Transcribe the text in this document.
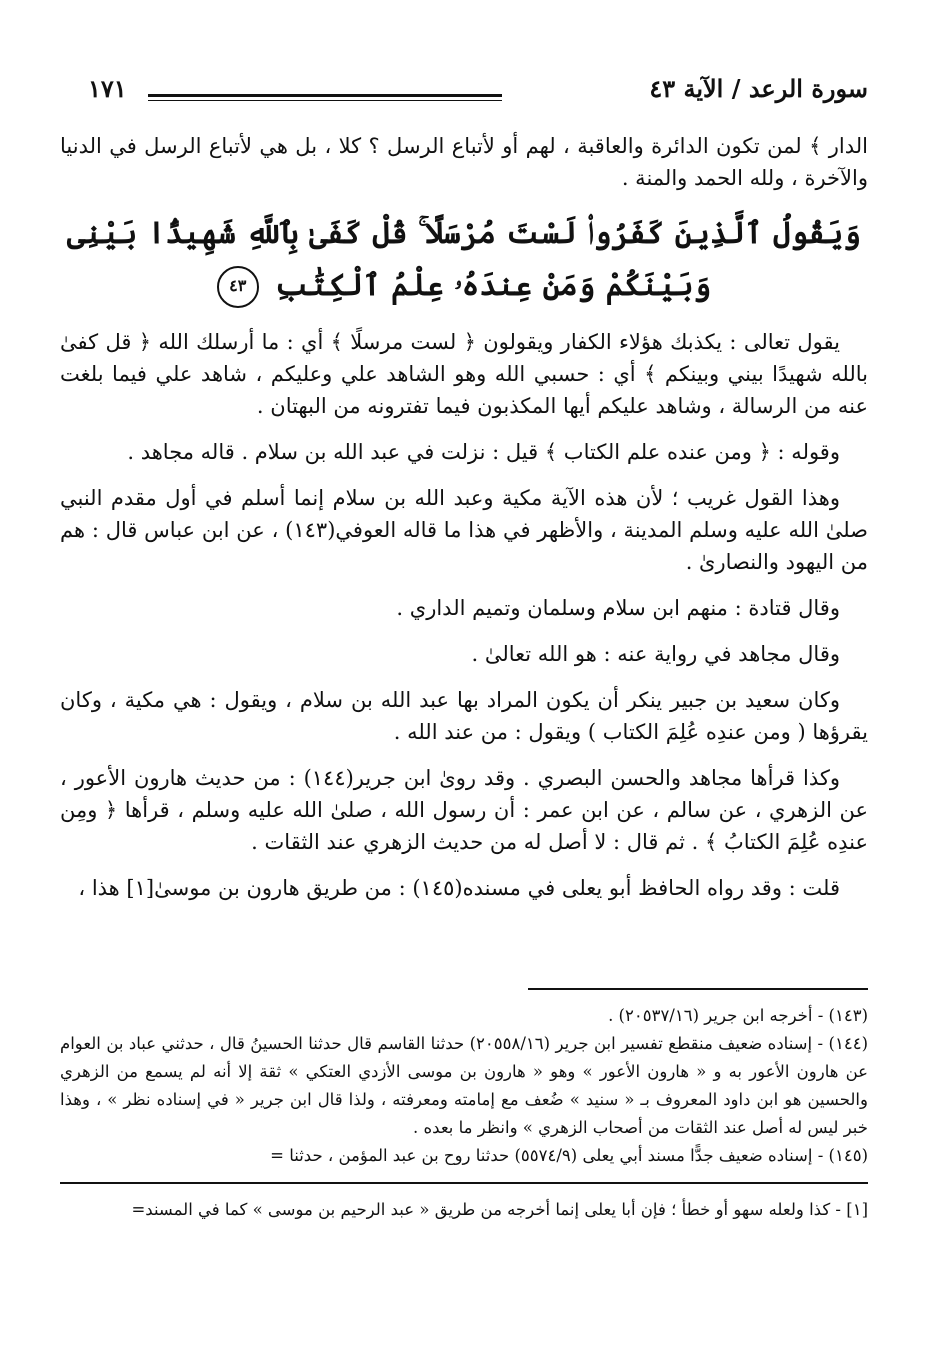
سورة الرعد / الآية ٤٣
١٧١

الدار ﴾ لمن تكون الدائرة والعاقبة ، لهم أو لأتباع الرسل ؟ كلا ، بل هي لأتباع الرسل في الدنيا والآخرة ، ولله الحمد والمنة .

وَيَقُولُ ٱلَّذِينَ كَفَرُوا۟ لَسْتَ مُرْسَلًا ۚ قُلْ كَفَىٰ بِٱللَّهِ شَهِيدًۢا بَيْنِى وَبَيْنَكُمْ وَمَنْ عِندَهُۥ عِلْمُ ٱلْكِتَٰبِ ٤٣

يقول تعالى : يكذبك هؤلاء الكفار ويقولون ﴿ لست مرسلًا ﴾ أي : ما أرسلك الله ﴿ قل كفىٰ بالله شهيدًا بيني وبينكم ﴾ أي : حسبي الله وهو الشاهد علي وعليكم ، شاهد علي فيما بلغت عنه من الرسالة ، وشاهد عليكم أيها المكذبون فيما تفترونه من البهتان .

وقوله : ﴿ ومن عنده علم الكتاب ﴾ قيل : نزلت في عبد الله بن سلام . قاله مجاهد .

وهذا القول غريب ؛ لأن هذه الآية مكية وعبد الله بن سلام إنما أسلم في أول مقدم النبي صلىٰ الله عليه وسلم المدينة ، والأظهر في هذا ما قاله العوفي(١٤٣) ، عن ابن عباس قال : هم من اليهود والنصارىٰ .

وقال قتادة : منهم ابن سلام وسلمان وتميم الداري .

وقال مجاهد في رواية عنه : هو الله تعالىٰ .

وكان سعيد بن جبير ينكر أن يكون المراد بها عبد الله بن سلام ، ويقول : هي مكية ، وكان يقرؤها ( ومن عندِه عُلِمَ الكتاب ) ويقول : من عند الله .

وكذا قرأها مجاهد والحسن البصري . وقد روىٰ ابن جرير(١٤٤) : من حديث هارون الأعور ، عن الزهري ، عن سالم ، عن ابن عمر : أن رسول الله ، صلىٰ الله عليه وسلم ، قرأها ﴿ ومِن عندِه عُلِمَ الكتابُ ﴾ . ثم قال : لا أصل له من حديث الزهري عند الثقات .

قلت : وقد رواه الحافظ أبو يعلى في مسنده(١٤٥) : من طريق هارون بن موسىٰ[١] هذا ،

(١٤٣) - أخرجه ابن جرير (٢٠٥٣٧/١٦) .

(١٤٤) - إسناده ضعيف منقطع تفسير ابن جرير (٢٠٥٥٨/١٦) حدثنا القاسم قال حدثنا الحسينُ قال ، حدثني عباد بن العوام عن هارون الأعور به و « هارون الأعور » وهو « هارون بن موسى الأزدي العتكي » ثقة إلا أنه لم يسمع من الزهري والحسين هو ابن داود المعروف بـ « سنيد » ضُعف مع إمامته ومعرفته ، ولذا قال ابن جرير « في إسناده نظر » ، وهذا خبر ليس له أصل عند الثقات من أصحاب الزهري » وانظر ما بعده .

(١٤٥) - إسناده ضعيف جدًّا مسند أبي يعلى (٥٥٧٤/٩) حدثنا روح بن عبد المؤمن ، حدثنا =

[١] - كذا ولعله سهو أو خطأ ؛ فإن أبا يعلى إنما أخرجه من طريق « عبد الرحيم بن موسى » كما في المسند=
